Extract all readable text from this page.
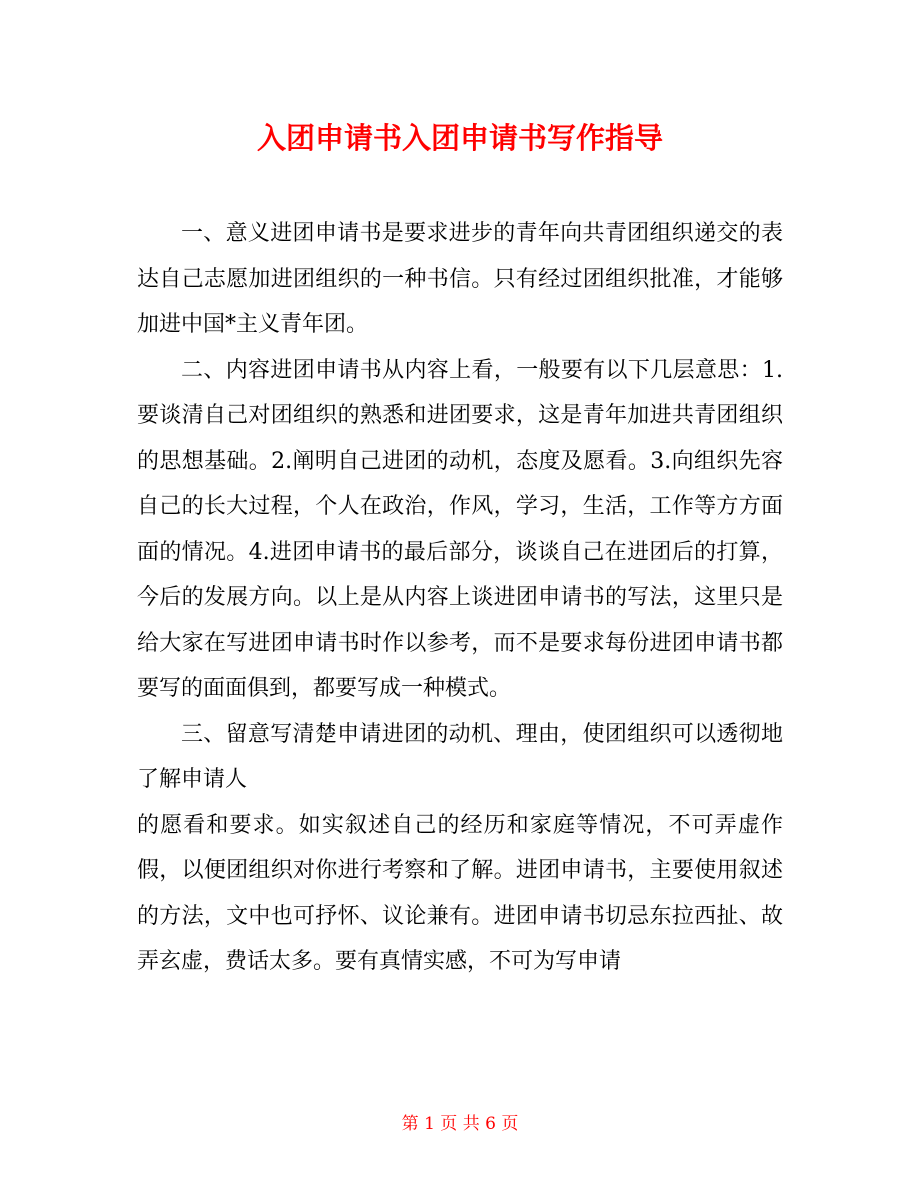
入团申请书入团申请书写作指导

一、意义进团申请书是要求进步的青年向共青团组织递交的表达自己志愿加进团组织的一种书信。只有经过团组织批准，才能够加进中国*主义青年团。

二、内容进团申请书从内容上看，一般要有以下几层意思：1.要谈清自己对团组织的熟悉和进团要求，这是青年加进共青团组织的思想基础。2.阐明自己进团的动机，态度及愿看。3.向组织先容自己的长大过程，个人在政治，作风，学习，生活，工作等方方面面的情况。4.进团申请书的最后部分，谈谈自己在进团后的打算，今后的发展方向。以上是从内容上谈进团申请书的写法，这里只是给大家在写进团申请书时作以参考，而不是要求每份进团申请书都要写的面面俱到，都要写成一种模式。

三、留意写清楚申请进团的动机、理由，使团组织可以透彻地了解申请人

的愿看和要求。如实叙述自己的经历和家庭等情况，不可弄虚作假，以便团组织对你进行考察和了解。进团申请书，主要使用叙述的方法，文中也可抒怀、议论兼有。进团申请书切忌东拉西扯、故弄玄虚，费话太多。要有真情实感，不可为写申请

第 1 页 共 6 页
